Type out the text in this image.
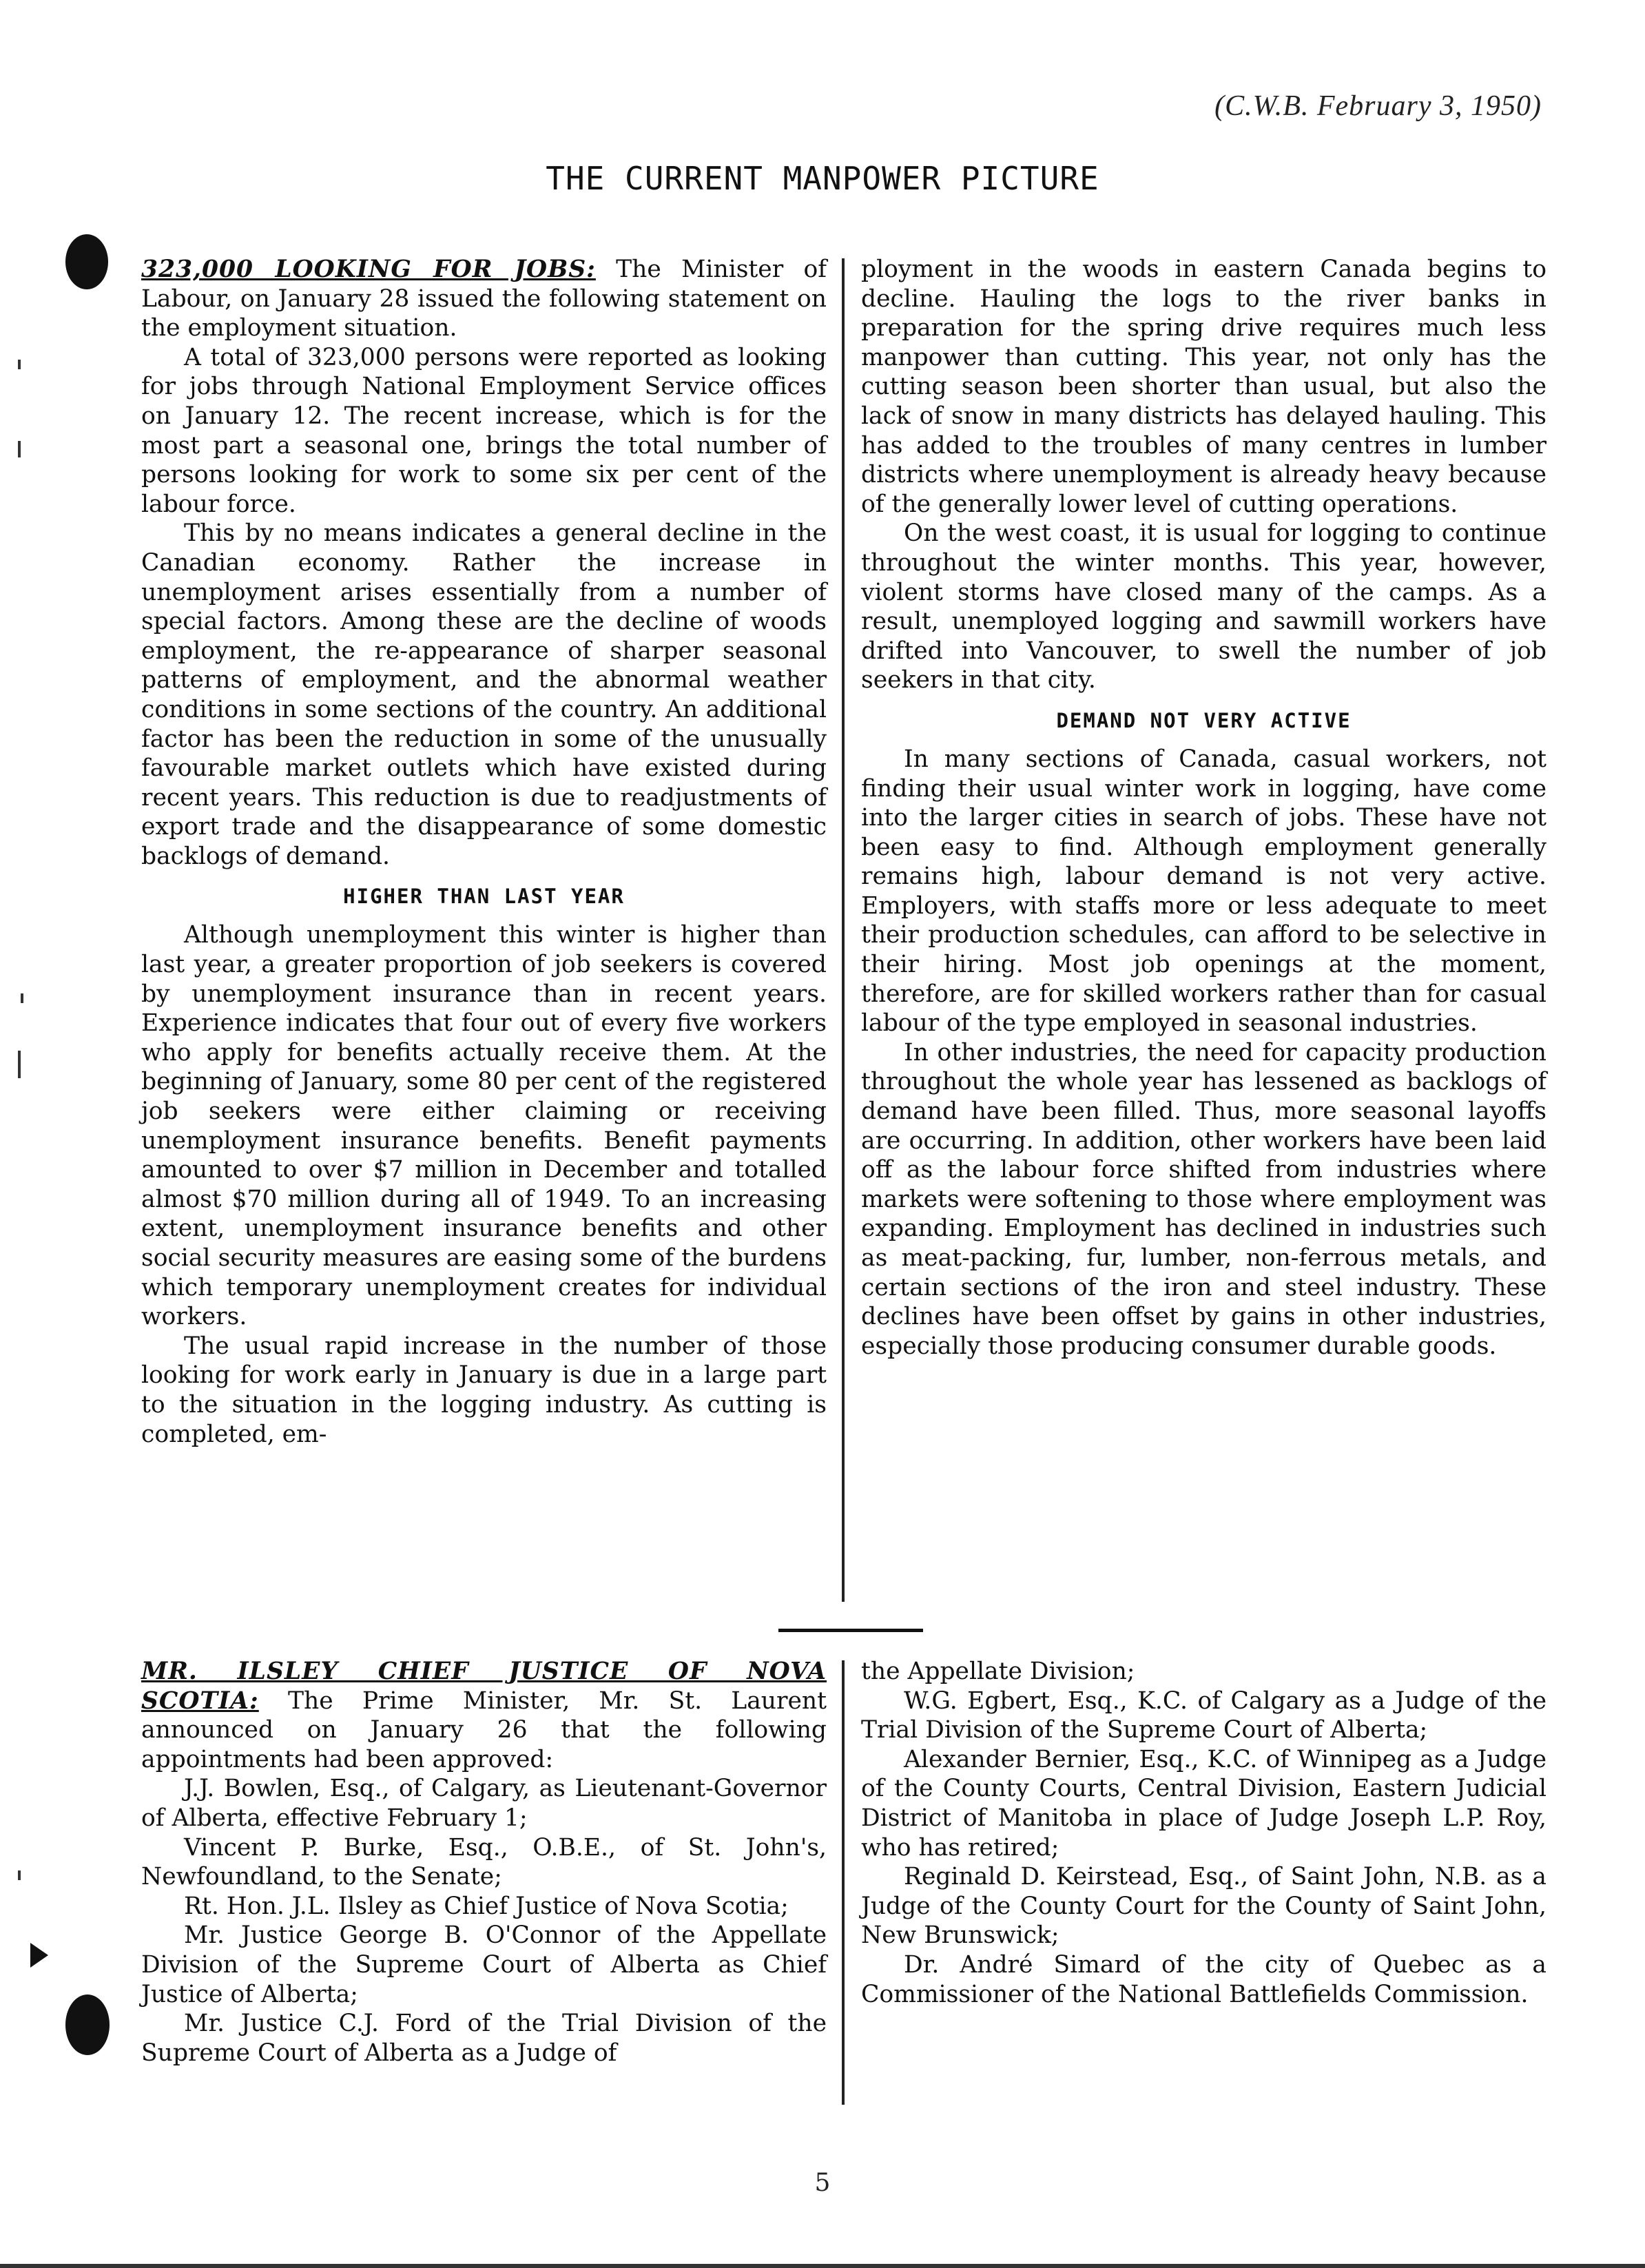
(C.W.B. February 3, 1950)
THE CURRENT MANPOWER PICTURE

323,000 LOOKING FOR JOBS: The Minister of Labour, on January 28 issued the following statement on the employment situation.

A total of 323,000 persons were reported as looking for jobs through National Employment Service offices on January 12. The recent increase, which is for the most part a seasonal one, brings the total number of persons looking for work to some six per cent of the labour force.

This by no means indicates a general decline in the Canadian economy. Rather the increase in unemployment arises essentially from a number of special factors. Among these are the decline of woods employment, the re-appearance of sharper seasonal patterns of employment, and the abnormal weather conditions in some sections of the country. An additional factor has been the reduction in some of the unusually favourable market outlets which have existed during recent years. This reduction is due to readjustments of export trade and the disappearance of some domestic backlogs of demand.

HIGHER THAN LAST YEAR

Although unemployment this winter is higher than last year, a greater proportion of job seekers is covered by unemployment insurance than in recent years. Experience indicates that four out of every five workers who apply for benefits actually receive them. At the beginning of January, some 80 per cent of the registered job seekers were either claiming or receiving unemployment insurance benefits. Benefit payments amounted to over $7 million in December and totalled almost $70 million during all of 1949. To an increasing extent, unemployment insurance benefits and other social security measures are easing some of the burdens which temporary unemployment creates for individual workers.

The usual rapid increase in the number of those looking for work early in January is due in a large part to the situation in the logging industry. As cutting is completed, em-

ployment in the woods in eastern Canada begins to decline. Hauling the logs to the river banks in preparation for the spring drive requires much less manpower than cutting. This year, not only has the cutting season been shorter than usual, but also the lack of snow in many districts has delayed hauling. This has added to the troubles of many centres in lumber districts where unemployment is already heavy because of the generally lower level of cutting operations.

On the west coast, it is usual for logging to continue throughout the winter months. This year, however, violent storms have closed many of the camps. As a result, unemployed logging and sawmill workers have drifted into Vancouver, to swell the number of job seekers in that city.

DEMAND NOT VERY ACTIVE

In many sections of Canada, casual workers, not finding their usual winter work in logging, have come into the larger cities in search of jobs. These have not been easy to find. Although employment generally remains high, labour demand is not very active. Employers, with staffs more or less adequate to meet their production schedules, can afford to be selective in their hiring. Most job openings at the moment, therefore, are for skilled workers rather than for casual labour of the type employed in seasonal industries.

In other industries, the need for capacity production throughout the whole year has lessened as backlogs of demand have been filled. Thus, more seasonal layoffs are occurring. In addition, other workers have been laid off as the labour force shifted from industries where markets were softening to those where employment was expanding. Employment has declined in industries such as meat-packing, fur, lumber, non-ferrous metals, and certain sections of the iron and steel industry. These declines have been offset by gains in other industries, especially those producing consumer durable goods.

MR. ILSLEY CHIEF JUSTICE OF NOVA SCOTIA: The Prime Minister, Mr. St. Laurent announced on January 26 that the following appointments had been approved:

J.J. Bowlen, Esq., of Calgary, as Lieutenant-Governor of Alberta, effective February 1;

Vincent P. Burke, Esq., O.B.E., of St. John's, Newfoundland, to the Senate;

Rt. Hon. J.L. Ilsley as Chief Justice of Nova Scotia;

Mr. Justice George B. O'Connor of the Appellate Division of the Supreme Court of Alberta as Chief Justice of Alberta;

Mr. Justice C.J. Ford of the Trial Division of the Supreme Court of Alberta as a Judge of

the Appellate Division;

W.G. Egbert, Esq., K.C. of Calgary as a Judge of the Trial Division of the Supreme Court of Alberta;

Alexander Bernier, Esq., K.C. of Winnipeg as a Judge of the County Courts, Central Division, Eastern Judicial District of Manitoba in place of Judge Joseph L.P. Roy, who has retired;

Reginald D. Keirstead, Esq., of Saint John, N.B. as a Judge of the County Court for the County of Saint John, New Brunswick;

Dr. André Simard of the city of Quebec as a Commissioner of the National Battlefields Commission.

5
